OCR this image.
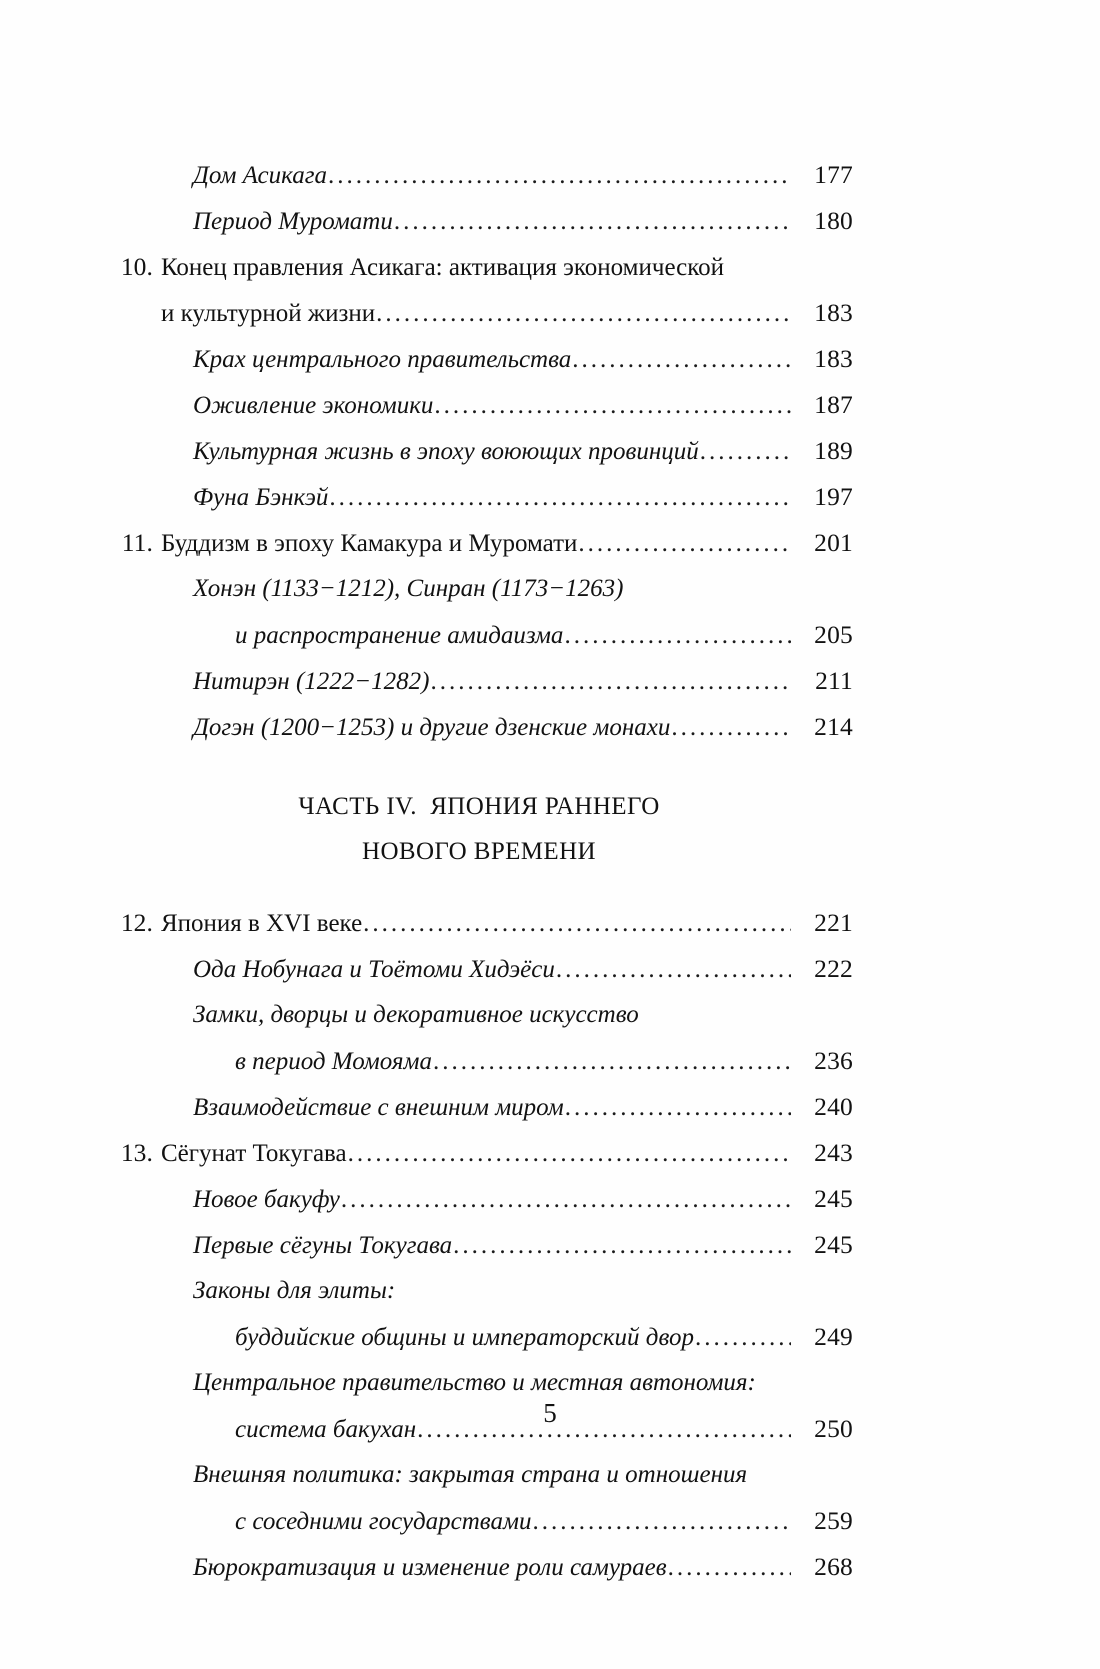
Дом Асикага .....	177
Период Муромати .....	180
10. Конец правления Асикага: активация экономической
и культурной жизни .....	183
Крах центрального правительства .....	183
Оживление экономики .....	187
Культурная жизнь в эпоху воюющих провинций .....	189
Фуна Бэнкэй .....	197
11. Буддизм в эпоху Камакура и Муромати .....	201
Хонэн (1133−1212), Синран (1173−1263)
и распространение амидаизма .....	205
Нитирэн (1222−1282) .....	211
Догэн (1200−1253) и другие дзенские монахи .....	214
ЧАСТЬ IV.  ЯПОНИЯ РАННЕГО
НОВОГО ВРЕМЕНИ
12. Япония в XVI веке .....	221
Ода Нобунага и Тоётоми Хидэёси .....	222
Замки, дворцы и декоративное искусство
в период Момояма .....	236
Взаимодействие с внешним миром .....	240
13. Сёгунат Токугава .....	243
Новое бакуфу .....	245
Первые сёгуны Токугава .....	245
Законы для элиты:
буддийские общины и императорский двор .....	249
Центральное правительство и местная автономия:
система бакухан .....	250
Внешняя политика: закрытая страна и отношения
с соседними государствами .....	259
Бюрократизация и изменение роли самураев .....	268
5
